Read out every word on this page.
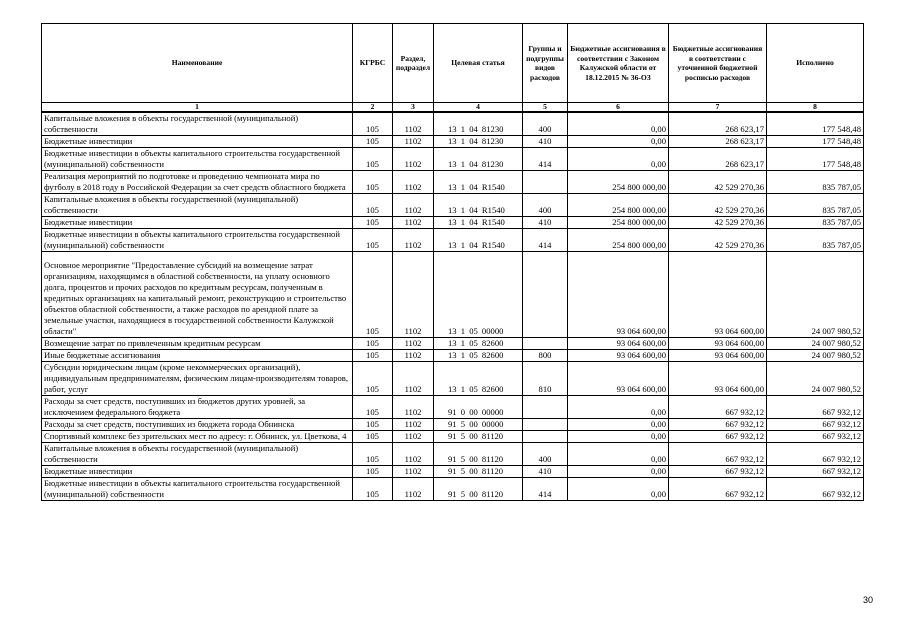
Наименование	КГРБС	Раздел, подраздел	Целевая статья	Группы и подгруппы видов расходов	Бюджетные ассигнования в соответствии с Законом Калужской области от 18.12.2015 № 36-ОЗ	Бюджетные ассигнования в соответствии с уточненной бюджетной росписью расходов	Исполнено
1	2	3	4	5	6	7	8
Капитальные вложения в объекты государственной (муниципальной) собственности	105	1102	13 1 04 81230	400	0,00	268 623,17	177 548,48
Бюджетные инвестиции	105	1102	13 1 04 81230	410	0,00	268 623,17	177 548,48
Бюджетные инвестиции в объекты капитального строительства государственной (муниципальной) собственности	105	1102	13 1 04 81230	414	0,00	268 623,17	177 548,48
Реализация мероприятий по подготовке и проведению чемпионата мира по футболу в 2018 году в Российской Федерации за счет средств областного бюджета	105	1102	13 1 04 R1540		254 800 000,00	42 529 270,36	835 787,05
Капитальные вложения в объекты государственной (муниципальной) собственности	105	1102	13 1 04 R1540	400	254 800 000,00	42 529 270,36	835 787,05
Бюджетные инвестиции	105	1102	13 1 04 R1540	410	254 800 000,00	42 529 270,36	835 787,05
Бюджетные инвестиции в объекты капитального строительства государственной (муниципальной) собственности	105	1102	13 1 04 R1540	414	254 800 000,00	42 529 270,36	835 787,05
Основное мероприятие "Предоставление субсидий на возмещение затрат организациям, находящимся в областной собственности, на уплату основного долга, процентов и прочих расходов по кредитным ресурсам, полученным в кредитных организациях на капитальный ремонт, реконструкцию и строительство объектов областной собственности, а также расходов по арендной плате за земельные участки, находящиеся в государственной собственности Калужской области"	105	1102	13 1 05 00000		93 064 600,00	93 064 600,00	24 007 980,52
Возмещение затрат по привлеченным кредитным ресурсам	105	1102	13 1 05 82600		93 064 600,00	93 064 600,00	24 007 980,52
Иные бюджетные ассигнования	105	1102	13 1 05 82600	800	93 064 600,00	93 064 600,00	24 007 980,52
Субсидии юридическим лицам (кроме некоммерческих организаций), индивидуальным предпринимателям, физическим лицам-производителям товаров, работ, услуг	105	1102	13 1 05 82600	810	93 064 600,00	93 064 600,00	24 007 980,52
Расходы за счет средств, поступивших из бюджетов других уровней, за исключением федерального бюджета	105	1102	91 0 00 00000		0,00	667 932,12	667 932,12
Расходы за счет средств, поступивших из бюджета города Обнинска	105	1102	91 5 00 00000		0,00	667 932,12	667 932,12
Спортивный комплекс без зрительских мест по адресу: г. Обнинск, ул. Цветкова, 4	105	1102	91 5 00 81120		0,00	667 932,12	667 932,12
Капитальные вложения в объекты государственной (муниципальной) собственности	105	1102	91 5 00 81120	400	0,00	667 932,12	667 932,12
Бюджетные инвестиции	105	1102	91 5 00 81120	410	0,00	667 932,12	667 932,12
Бюджетные инвестиции в объекты капитального строительства государственной (муниципальной) собственности	105	1102	91 5 00 81120	414	0,00	667 932,12	667 932,12
30
